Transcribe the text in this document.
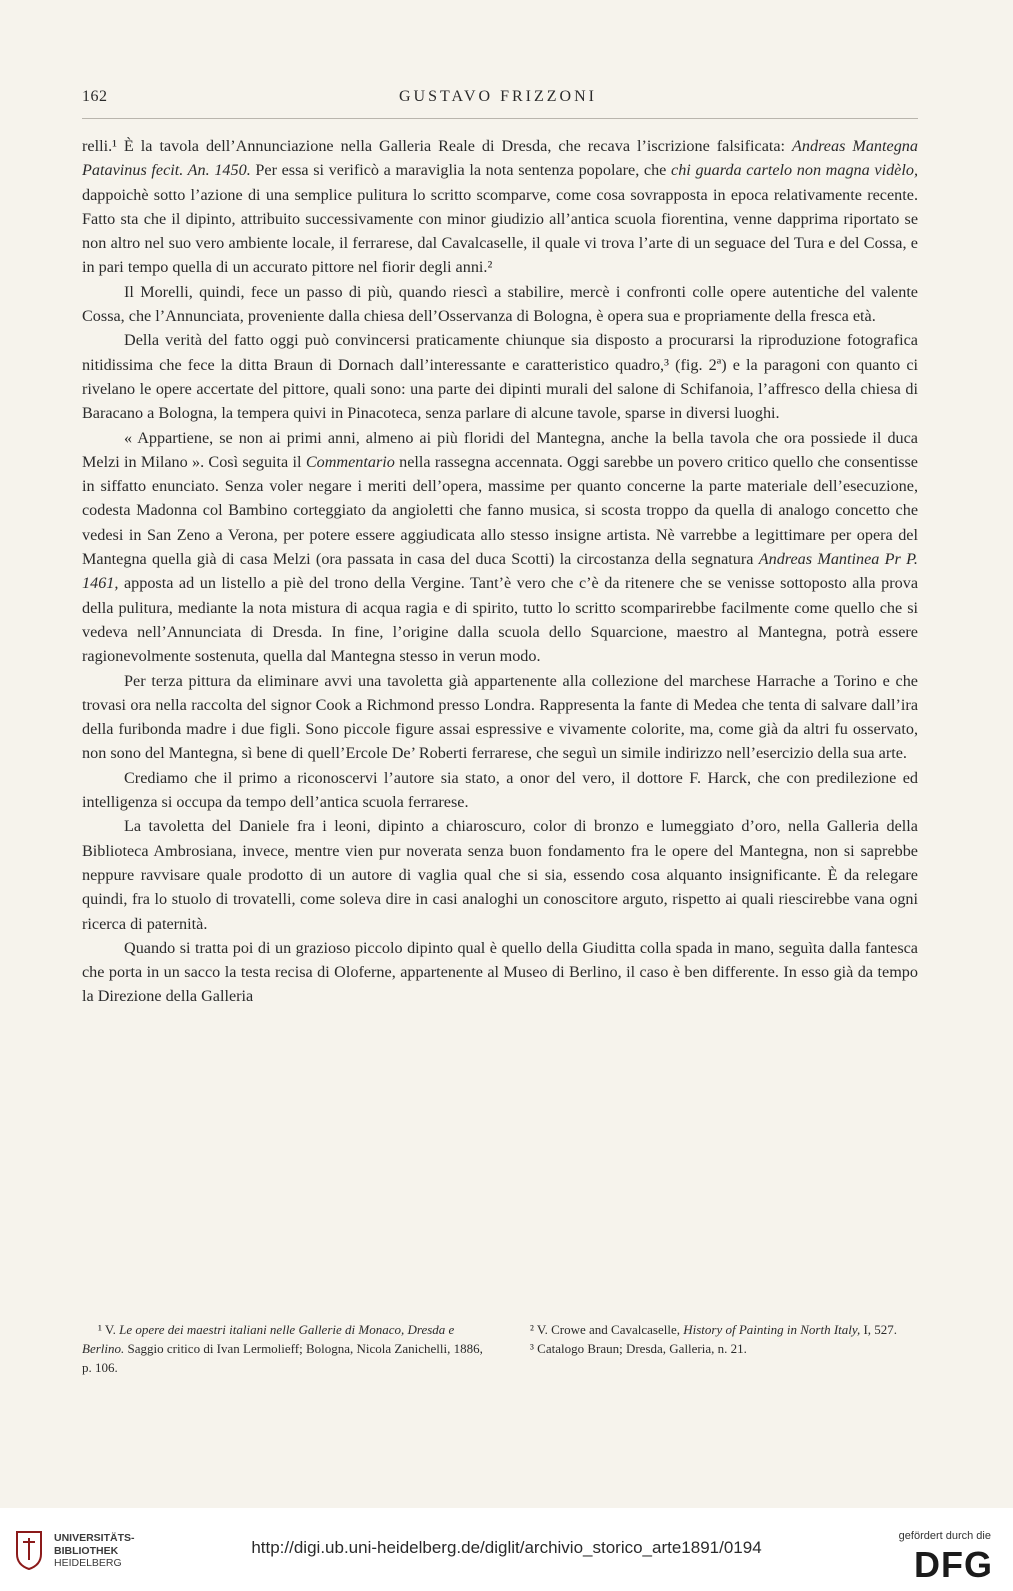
162	GUSTAVO FRIZZONI

relli.¹ È la tavola dell’Annunciazione nella Galleria Reale di Dresda, che recava l’iscrizione falsificata: Andreas Mantegna Patavinus fecit. An. 1450. Per essa si verificò a maraviglia la nota sentenza popolare, che chi guarda cartelo non magna vidèlo, dappoichè sotto l’azione di una semplice pulitura lo scritto scomparve, come cosa sovrapposta in epoca relativamente recente. Fatto sta che il dipinto, attribuito successivamente con minor giudizio all’antica scuola fiorentina, venne dapprima riportato se non altro nel suo vero ambiente locale, il ferrarese, dal Cavalcaselle, il quale vi trova l’arte di un seguace del Tura e del Cossa, e in pari tempo quella di un accurato pittore nel fiorir degli anni.²

Il Morelli, quindi, fece un passo di più, quando riescì a stabilire, mercè i confronti colle opere autentiche del valente Cossa, che l’Annunciata, proveniente dalla chiesa dell’Osservanza di Bologna, è opera sua e propriamente della fresca età.

Della verità del fatto oggi può convincersi praticamente chiunque sia disposto a procurarsi la riproduzione fotografica nitidissima che fece la ditta Braun di Dornach dall’interessante e caratteristico quadro,³ (fig. 2ª) e la paragoni con quanto ci rivelano le opere accertate del pittore, quali sono: una parte dei dipinti murali del salone di Schifanoia, l’affresco della chiesa di Baracano a Bologna, la tempera quivi in Pinacoteca, senza parlare di alcune tavole, sparse in diversi luoghi.

« Appartiene, se non ai primi anni, almeno ai più floridi del Mantegna, anche la bella tavola che ora possiede il duca Melzi in Milano ». Così seguita il Commentario nella rassegna accennata. Oggi sarebbe un povero critico quello che consentisse in siffatto enunciato. Senza voler negare i meriti dell’opera, massime per quanto concerne la parte materiale dell’esecuzione, codesta Madonna col Bambino corteggiato da angioletti che fanno musica, si scosta troppo da quella di analogo concetto che vedesi in San Zeno a Verona, per potere essere aggiudicata allo stesso insigne artista. Nè varrebbe a legittimare per opera del Mantegna quella già di casa Melzi (ora passata in casa del duca Scotti) la circostanza della segnatura Andreas Mantinea Pr P. 1461, apposta ad un listello a piè del trono della Vergine. Tant’è vero che c’è da ritenere che se venisse sottoposto alla prova della pulitura, mediante la nota mistura di acqua ragia e di spirito, tutto lo scritto scomparirebbe facilmente come quello che si vedeva nell’Annunciata di Dresda. In fine, l’origine dalla scuola dello Squarcione, maestro al Mantegna, potrà essere ragionevolmente sostenuta, quella dal Mantegna stesso in verun modo.

Per terza pittura da eliminare avvi una tavoletta già appartenente alla collezione del marchese Harrache a Torino e che trovasi ora nella raccolta del signor Cook a Richmond presso Londra. Rappresenta la fante di Medea che tenta di salvare dall’ira della furibonda madre i due figli. Sono piccole figure assai espressive e vivamente colorite, ma, come già da altri fu osservato, non sono del Mantegna, sì bene di quell’Ercole De’ Roberti ferrarese, che seguì un simile indirizzo nell’esercizio della sua arte.

Crediamo che il primo a riconoscervi l’autore sia stato, a onor del vero, il dottore F. Harck, che con predilezione ed intelligenza si occupa da tempo dell’antica scuola ferrarese.

La tavoletta del Daniele fra i leoni, dipinto a chiaroscuro, color di bronzo e lumeggiato d’oro, nella Galleria della Biblioteca Ambrosiana, invece, mentre vien pur noverata senza buon fondamento fra le opere del Mantegna, non si saprebbe neppure ravvisare quale prodotto di un autore di vaglia qual che si sia, essendo cosa alquanto insignificante. È da relegare quindi, fra lo stuolo di trovatelli, come soleva dire in casi analoghi un conoscitore arguto, rispetto ai quali riescirebbe vana ogni ricerca di paternità.

Quando si tratta poi di un grazioso piccolo dipinto qual è quello della Giuditta colla spada in mano, seguìta dalla fantesca che porta in un sacco la testa recisa di Oloferne, appartenente al Museo di Berlino, il caso è ben differente. In esso già da tempo la Direzione della Galleria

¹ V. Le opere dei maestri italiani nelle Gallerie di Monaco, Dresda e Berlino. Saggio critico di Ivan Lermolieff; Bologna, Nicola Zanichelli, 1886, p. 106.

² V. Crowe and Cavalcaselle, History of Painting in North Italy, I, 527.

³ Catalogo Braun; Dresda, Galleria, n. 21.

UNIVERSITÄTS-
BIBLIOTHEK
HEIDELBERG
http://digi.ub.uni-heidelberg.de/diglit/archivio_storico_arte1891/0194
gefördert durch die
DFG
